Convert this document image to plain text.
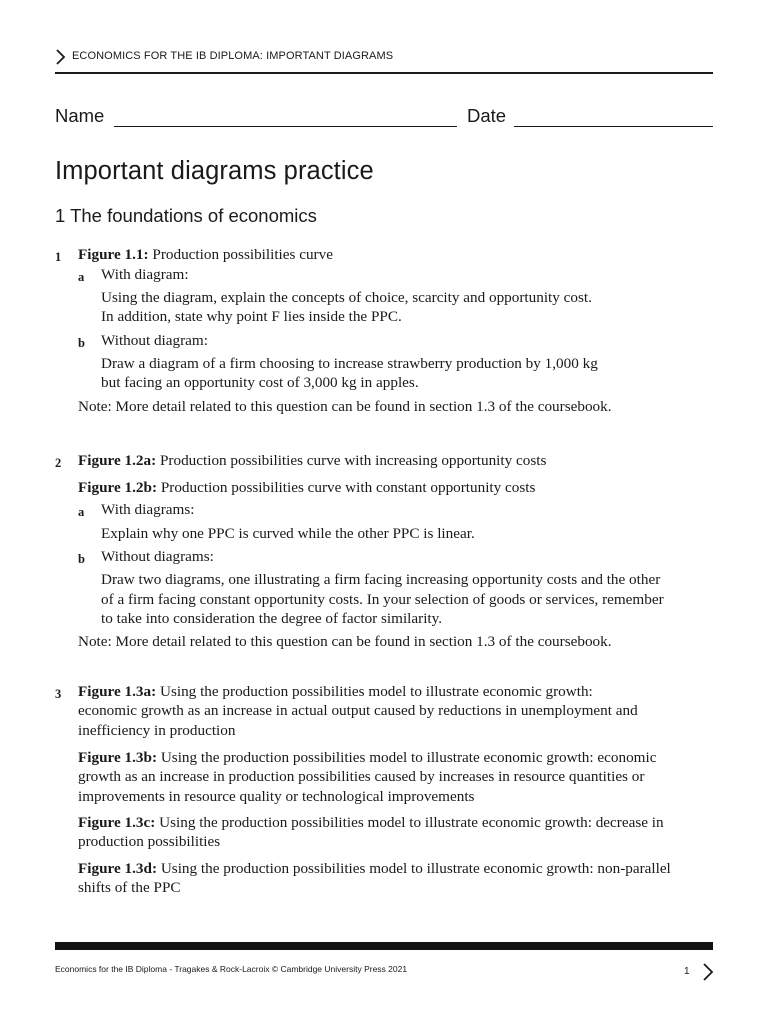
ECONOMICS FOR THE IB DIPLOMA: IMPORTANT DIAGRAMS
Name	Date
Important diagrams practice
1 The foundations of economics
1 Figure 1.1: Production possibilities curve
a With diagram:
Using the diagram, explain the concepts of choice, scarcity and opportunity cost.
In addition, state why point F lies inside the PPC.
b Without diagram:
Draw a diagram of a firm choosing to increase strawberry production by 1,000 kg
but facing an opportunity cost of 3,000 kg in apples.
Note: More detail related to this question can be found in section 1.3 of the coursebook.
2 Figure 1.2a: Production possibilities curve with increasing opportunity costs
Figure 1.2b: Production possibilities curve with constant opportunity costs
a With diagrams:
Explain why one PPC is curved while the other PPC is linear.
b Without diagrams:
Draw two diagrams, one illustrating a firm facing increasing opportunity costs and the other
of a firm facing constant opportunity costs. In your selection of goods or services, remember
to take into consideration the degree of factor similarity.
Note: More detail related to this question can be found in section 1.3 of the coursebook.
3 Figure 1.3a: Using the production possibilities model to illustrate economic growth:
economic growth as an increase in actual output caused by reductions in unemployment and
inefficiency in production
Figure 1.3b: Using the production possibilities model to illustrate economic growth: economic
growth as an increase in production possibilities caused by increases in resource quantities or
improvements in resource quality or technological improvements
Figure 1.3c: Using the production possibilities model to illustrate economic growth: decrease in
production possibilities
Figure 1.3d: Using the production possibilities model to illustrate economic growth: non-parallel
shifts of the PPC
Economics for the IB Diploma - Tragakes & Rock-Lacroix © Cambridge University Press 2021	1
